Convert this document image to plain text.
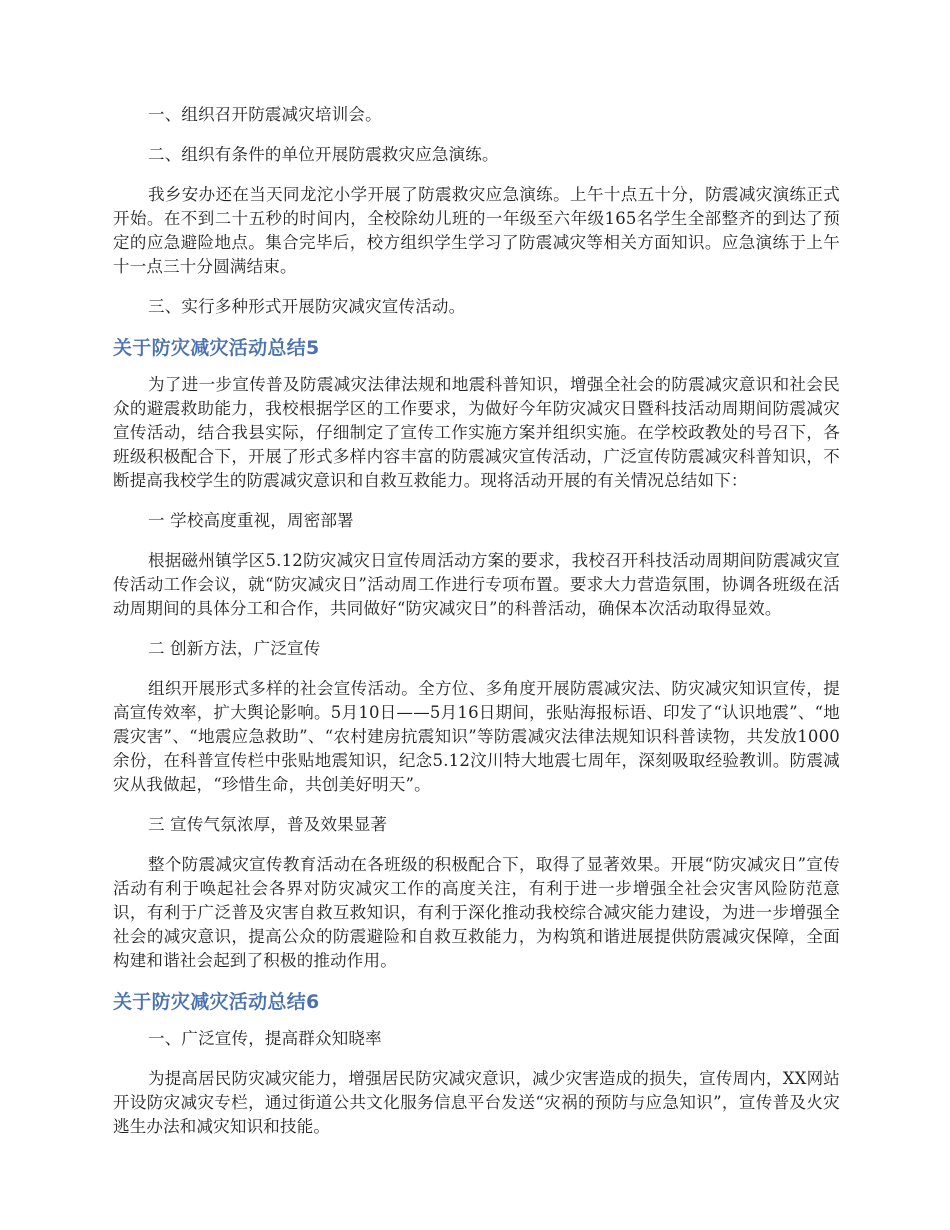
一、组织召开防震减灾培训会。

二、组织有条件的单位开展防震救灾应急演练。

我乡安办还在当天同龙沱小学开展了防震救灾应急演练。上午十点五十分，防震减灾演练正式开始。在不到二十五秒的时间内，全校除幼儿班的一年级至六年级165名学生全部整齐的到达了预定的应急避险地点。集合完毕后，校方组织学生学习了防震减灾等相关方面知识。应急演练于上午十一点三十分圆满结束。

三、实行多种形式开展防灾减灾宣传活动。

关于防灾减灾活动总结5

为了进一步宣传普及防震减灾法律法规和地震科普知识，增强全社会的防震减灾意识和社会民众的避震救助能力，我校根据学区的工作要求，为做好今年防灾减灾日暨科技活动周期间防震减灾宣传活动，结合我县实际，仔细制定了宣传工作实施方案并组织实施。在学校政教处的号召下，各班级积极配合下，开展了形式多样内容丰富的防震减灾宣传活动，广泛宣传防震减灾科普知识，不断提高我校学生的防震减灾意识和自救互救能力。现将活动开展的有关情况总结如下：

一 学校高度重视，周密部署

根据磁州镇学区5.12防灾减灾日宣传周活动方案的要求，我校召开科技活动周期间防震减灾宣传活动工作会议，就“防灾减灾日”活动周工作进行专项布置。要求大力营造氛围，协调各班级在活动周期间的具体分工和合作，共同做好“防灾减灾日”的科普活动，确保本次活动取得显效。

二 创新方法，广泛宣传

组织开展形式多样的社会宣传活动。全方位、多角度开展防震减灾法、防灾减灾知识宣传，提高宣传效率，扩大舆论影响。5月10日——5月16日期间，张贴海报标语、印发了“认识地震”、“地震灾害”、“地震应急救助”、“农村建房抗震知识”等防震减灾法律法规知识科普读物，共发放1000余份，在科普宣传栏中张贴地震知识，纪念5.12汶川特大地震七周年，深刻吸取经验教训。防震减灾从我做起，“珍惜生命，共创美好明天”。

三 宣传气氛浓厚，普及效果显著

整个防震减灾宣传教育活动在各班级的积极配合下，取得了显著效果。开展“防灾减灾日”宣传活动有利于唤起社会各界对防灾减灾工作的高度关注，有利于进一步增强全社会灾害风险防范意识，有利于广泛普及灾害自救互救知识，有利于深化推动我校综合减灾能力建设，为进一步增强全社会的减灾意识，提高公众的防震避险和自救互救能力，为构筑和谐进展提供防震减灾保障，全面构建和谐社会起到了积极的推动作用。

关于防灾减灾活动总结6

一、广泛宣传，提高群众知晓率

为提高居民防灾减灾能力，增强居民防灾减灾意识，减少灾害造成的损失，宣传周内，XX网站开设防灾减灾专栏，通过街道公共文化服务信息平台发送“灾祸的预防与应急知识”，宣传普及火灾逃生办法和减灾知识和技能。
